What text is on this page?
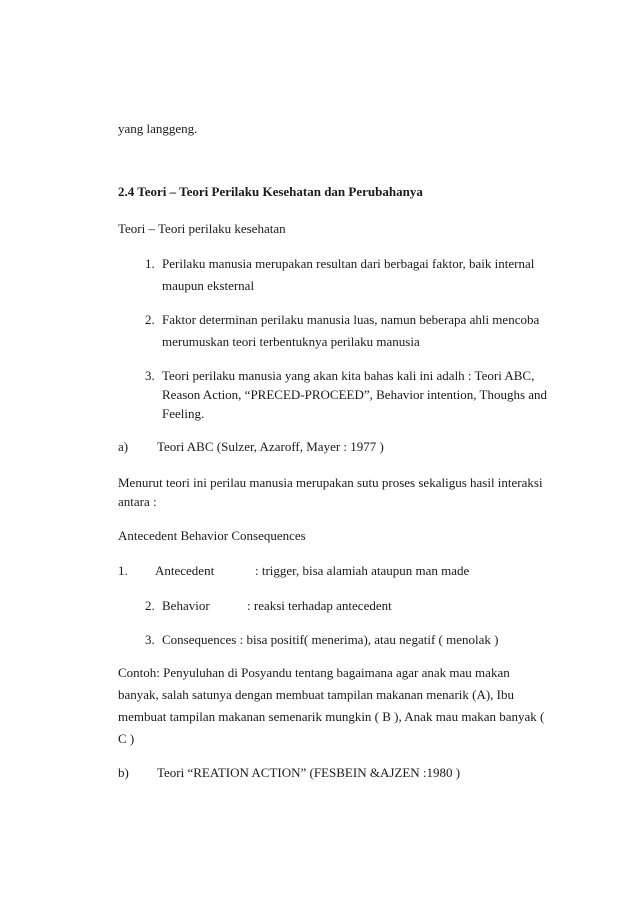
yang langgeng.
2.4 Teori – Teori Perilaku Kesehatan dan Perubahanya
Teori – Teori perilaku kesehatan
1. Perilaku manusia merupakan resultan dari berbagai faktor, baik internal
maupun eksternal
2. Faktor determinan perilaku manusia luas, namun beberapa ahli mencoba
merumuskan teori terbentuknya perilaku manusia
3. Teori perilaku manusia yang akan kita bahas kali ini adalh : Teori ABC,
Reason Action, “PRECED-PROCEED”, Behavior intention, Thoughs and
Feeling.
a) Teori ABC (Sulzer, Azaroff, Mayer : 1977 )
Menurut teori ini perilau manusia merupakan sutu proses sekaligus hasil interaksi
antara :
Antecedent Behavior Consequences
1. Antecedent	: trigger, bisa alamiah ataupun man made
2. Behavior	: reaksi terhadap antecedent
3. Consequences : bisa positif( menerima), atau negatif ( menolak )
Contoh: Penyuluhan di Posyandu tentang bagaimana agar anak mau makan
banyak, salah satunya dengan membuat tampilan makanan menarik (A), Ibu
membuat tampilan makanan semenarik mungkin ( B ), Anak mau makan banyak (
C )
b) Teori “REATION ACTION” (FESBEIN &AJZEN :1980 )
